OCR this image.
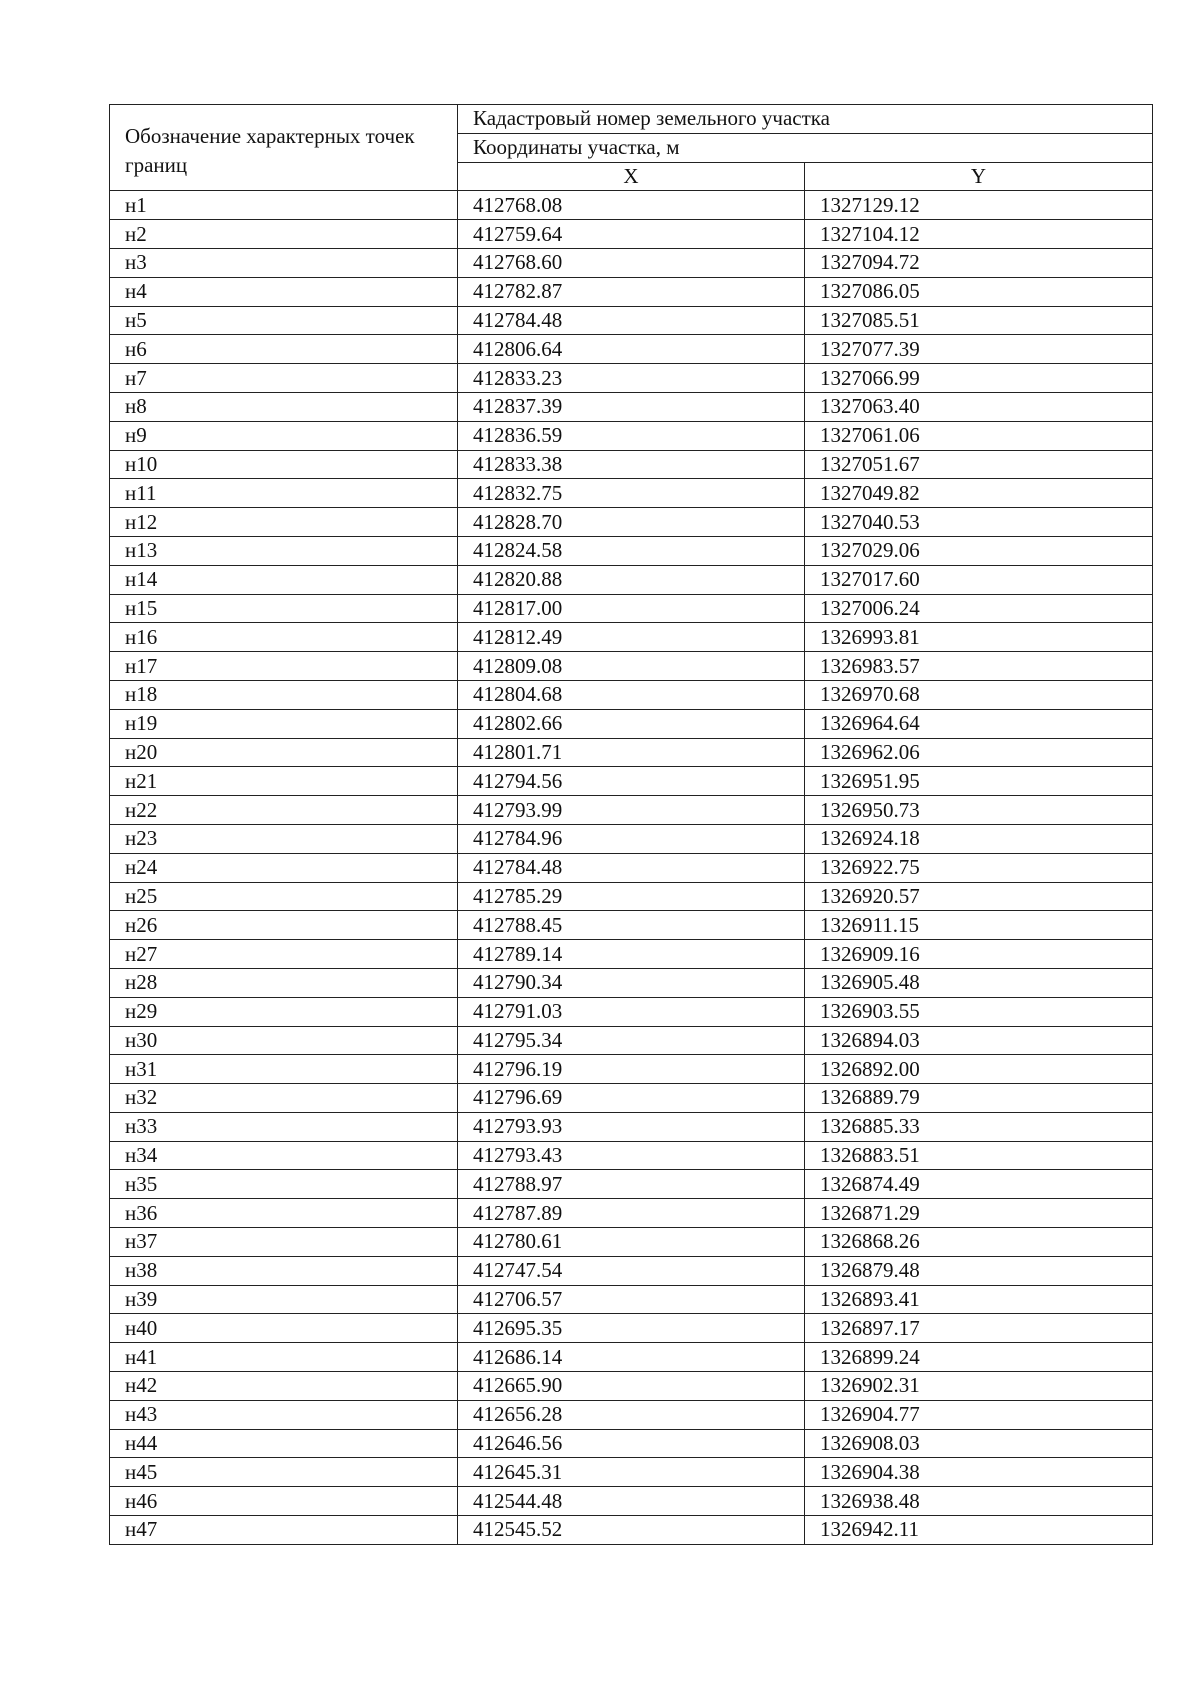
Обозначение характерных точек границ	Кадастровый номер земельного участка	
	Координаты участка, м	
	X	Y
н1	412768.08	1327129.12
н2	412759.64	1327104.12
н3	412768.60	1327094.72
н4	412782.87	1327086.05
н5	412784.48	1327085.51
н6	412806.64	1327077.39
н7	412833.23	1327066.99
н8	412837.39	1327063.40
н9	412836.59	1327061.06
н10	412833.38	1327051.67
н11	412832.75	1327049.82
н12	412828.70	1327040.53
н13	412824.58	1327029.06
н14	412820.88	1327017.60
н15	412817.00	1327006.24
н16	412812.49	1326993.81
н17	412809.08	1326983.57
н18	412804.68	1326970.68
н19	412802.66	1326964.64
н20	412801.71	1326962.06
н21	412794.56	1326951.95
н22	412793.99	1326950.73
н23	412784.96	1326924.18
н24	412784.48	1326922.75
н25	412785.29	1326920.57
н26	412788.45	1326911.15
н27	412789.14	1326909.16
н28	412790.34	1326905.48
н29	412791.03	1326903.55
н30	412795.34	1326894.03
н31	412796.19	1326892.00
н32	412796.69	1326889.79
н33	412793.93	1326885.33
н34	412793.43	1326883.51
н35	412788.97	1326874.49
н36	412787.89	1326871.29
н37	412780.61	1326868.26
н38	412747.54	1326879.48
н39	412706.57	1326893.41
н40	412695.35	1326897.17
н41	412686.14	1326899.24
н42	412665.90	1326902.31
н43	412656.28	1326904.77
н44	412646.56	1326908.03
н45	412645.31	1326904.38
н46	412544.48	1326938.48
н47	412545.52	1326942.11
